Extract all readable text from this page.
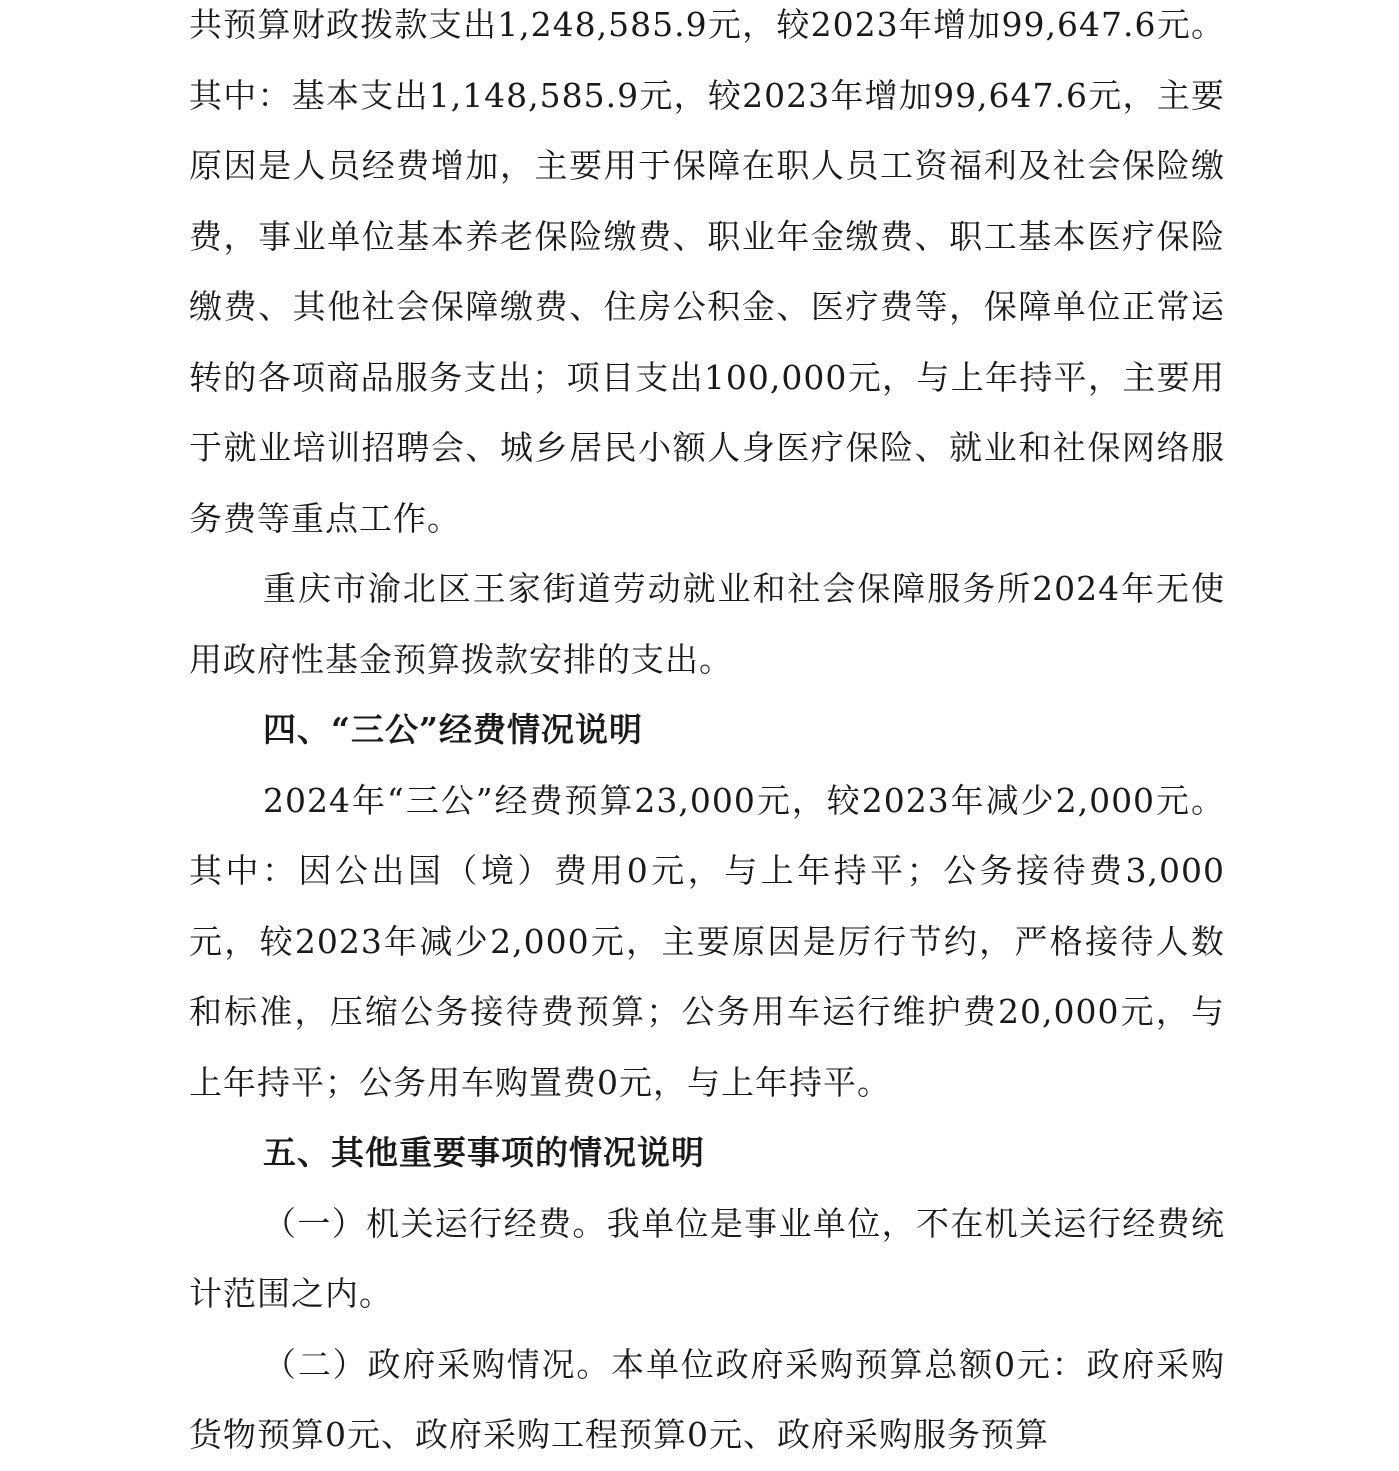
共预算财政拨款支出1,248,585.9元，较2023年增加99,647.6元。其中：基本支出1,148,585.9元，较2023年增加99,647.6元，主要原因是人员经费增加，主要用于保障在职人员工资福利及社会保险缴费，事业单位基本养老保险缴费、职业年金缴费、职工基本医疗保险缴费、其他社会保障缴费、住房公积金、医疗费等，保障单位正常运转的各项商品服务支出；项目支出100,000元，与上年持平，主要用于就业培训招聘会、城乡居民小额人身医疗保险、就业和社保网络服务费等重点工作。

重庆市渝北区王家街道劳动就业和社会保障服务所2024年无使用政府性基金预算拨款安排的支出。

四、“三公”经费情况说明

2024年“三公”经费预算23,000元，较2023年减少2,000元。其中：因公出国（境）费用0元，与上年持平；公务接待费3,000元，较2023年减少2,000元，主要原因是厉行节约，严格接待人数和标准，压缩公务接待费预算；公务用车运行维护费20,000元，与上年持平；公务用车购置费0元，与上年持平。

五、其他重要事项的情况说明

（一）机关运行经费。我单位是事业单位，不在机关运行经费统计范围之内。

（二）政府采购情况。本单位政府采购预算总额0元：政府采购货物预算0元、政府采购工程预算0元、政府采购服务预算
